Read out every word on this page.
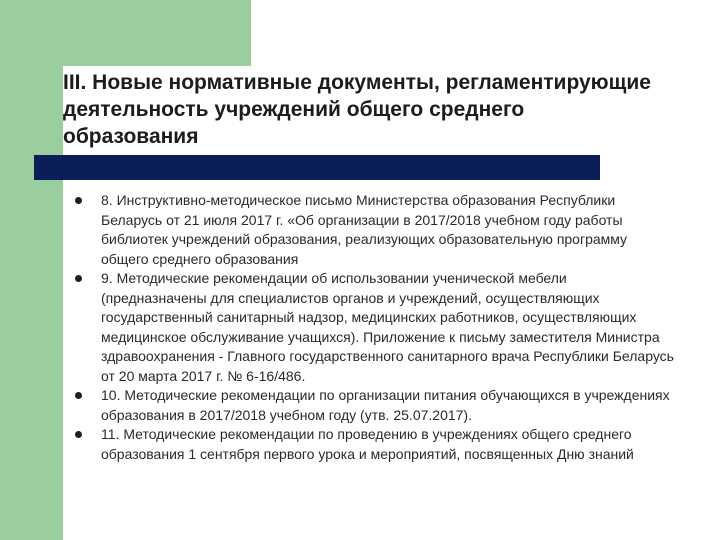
III. Новые нормативные документы, регламентирующие деятельность учреждений общего среднего образования
8. Инструктивно-методическое письмо Министерства образования Республики Беларусь от 21 июля 2017 г. «Об организации в 2017/2018 учебном году работы библиотек учреждений образования, реализующих образовательную программу общего среднего образования
9. Методические рекомендации об использовании ученической мебели (предназначены для специалистов органов и учреждений, осуществляющих государственный санитарный надзор, медицинских работников, осуществляющих медицинское обслуживание учащихся). Приложение к письму заместителя Министра здравоохранения - Главного государственного санитарного врача Республики Беларусь от 20 марта 2017 г. № 6-16/486.
10. Методические рекомендации по организации питания обучающихся в учреждениях образования в 2017/2018 учебном году (утв. 25.07.2017).
11. Методические рекомендации по проведению в учреждениях общего среднего образования 1 сентября первого урока и мероприятий, посвященных Дню знаний
